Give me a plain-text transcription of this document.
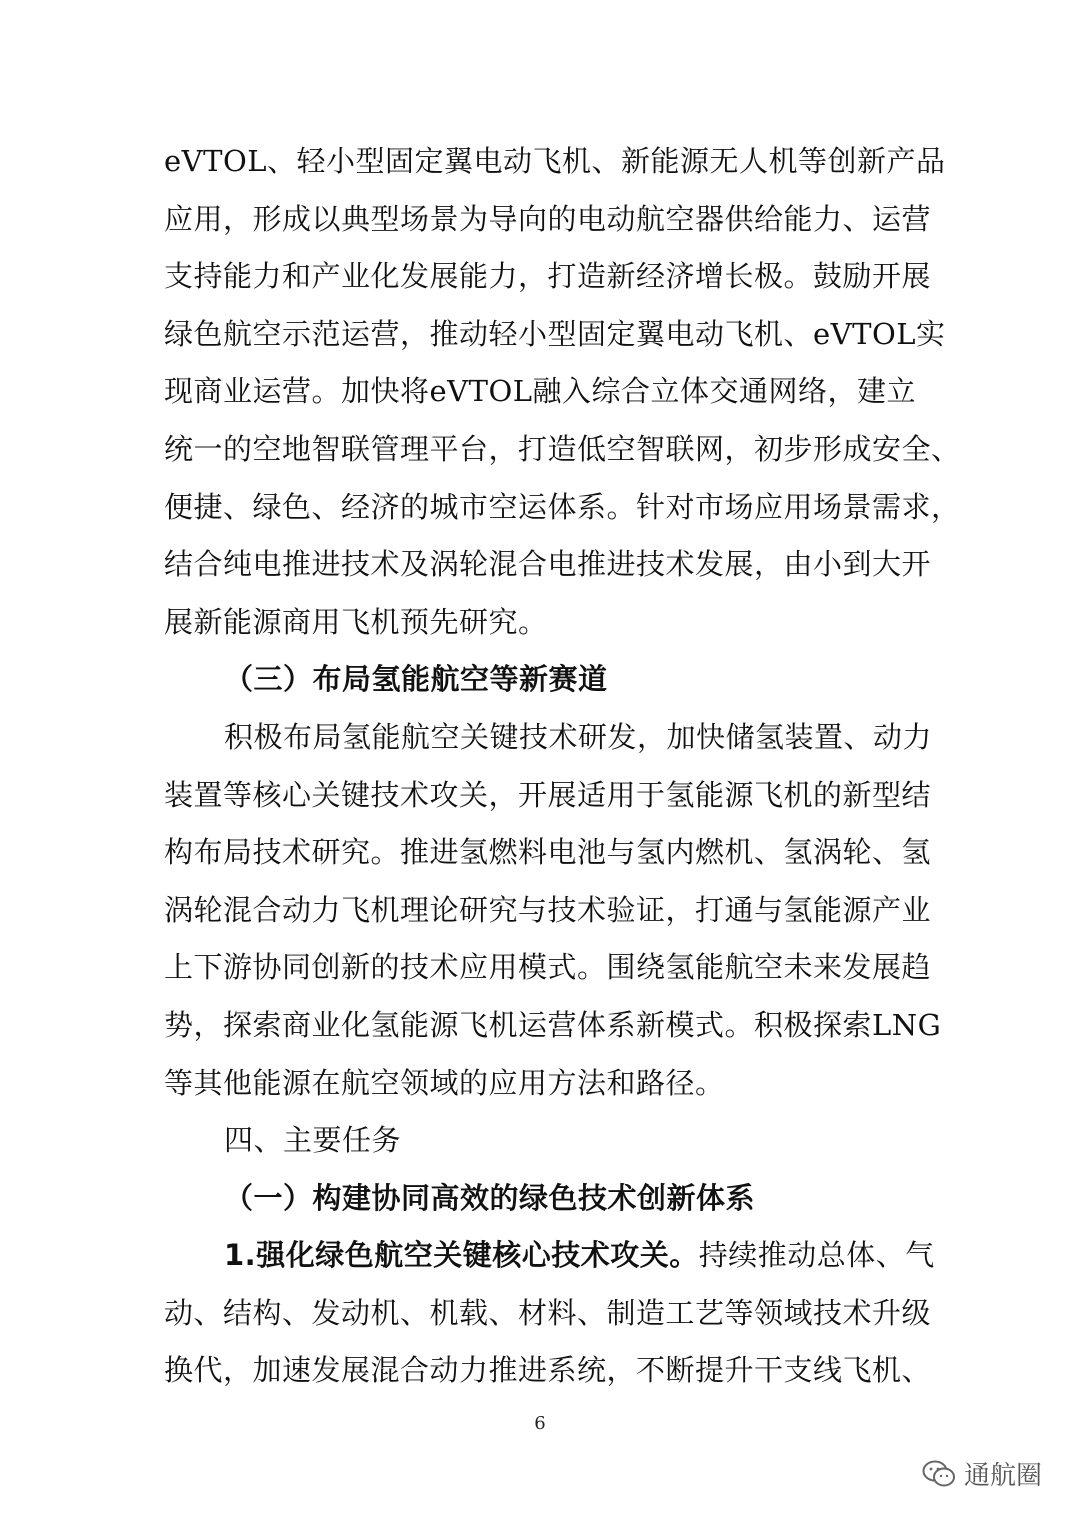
eVTOL、轻小型固定翼电动飞机、新能源无人机等创新产品
应用，形成以典型场景为导向的电动航空器供给能力、运营
支持能力和产业化发展能力，打造新经济增长极。鼓励开展
绿色航空示范运营，推动轻小型固定翼电动飞机、eVTOL实
现商业运营。加快将eVTOL融入综合立体交通网络，建立
统一的空地智联管理平台，打造低空智联网，初步形成安全、
便捷、绿色、经济的城市空运体系。针对市场应用场景需求，
结合纯电推进技术及涡轮混合电推进技术发展，由小到大开
展新能源商用飞机预先研究。
（三）布局氢能航空等新赛道
积极布局氢能航空关键技术研发，加快储氢装置、动力
装置等核心关键技术攻关，开展适用于氢能源飞机的新型结
构布局技术研究。推进氢燃料电池与氢内燃机、氢涡轮、氢
涡轮混合动力飞机理论研究与技术验证，打通与氢能源产业
上下游协同创新的技术应用模式。围绕氢能航空未来发展趋
势，探索商业化氢能源飞机运营体系新模式。积极探索LNG
等其他能源在航空领域的应用方法和路径。
四、主要任务
（一）构建协同高效的绿色技术创新体系
1.强化绿色航空关键核心技术攻关。持续推动总体、气
动、结构、发动机、机载、材料、制造工艺等领域技术升级
换代，加速发展混合动力推进系统，不断提升干支线飞机、
6
通航圈
